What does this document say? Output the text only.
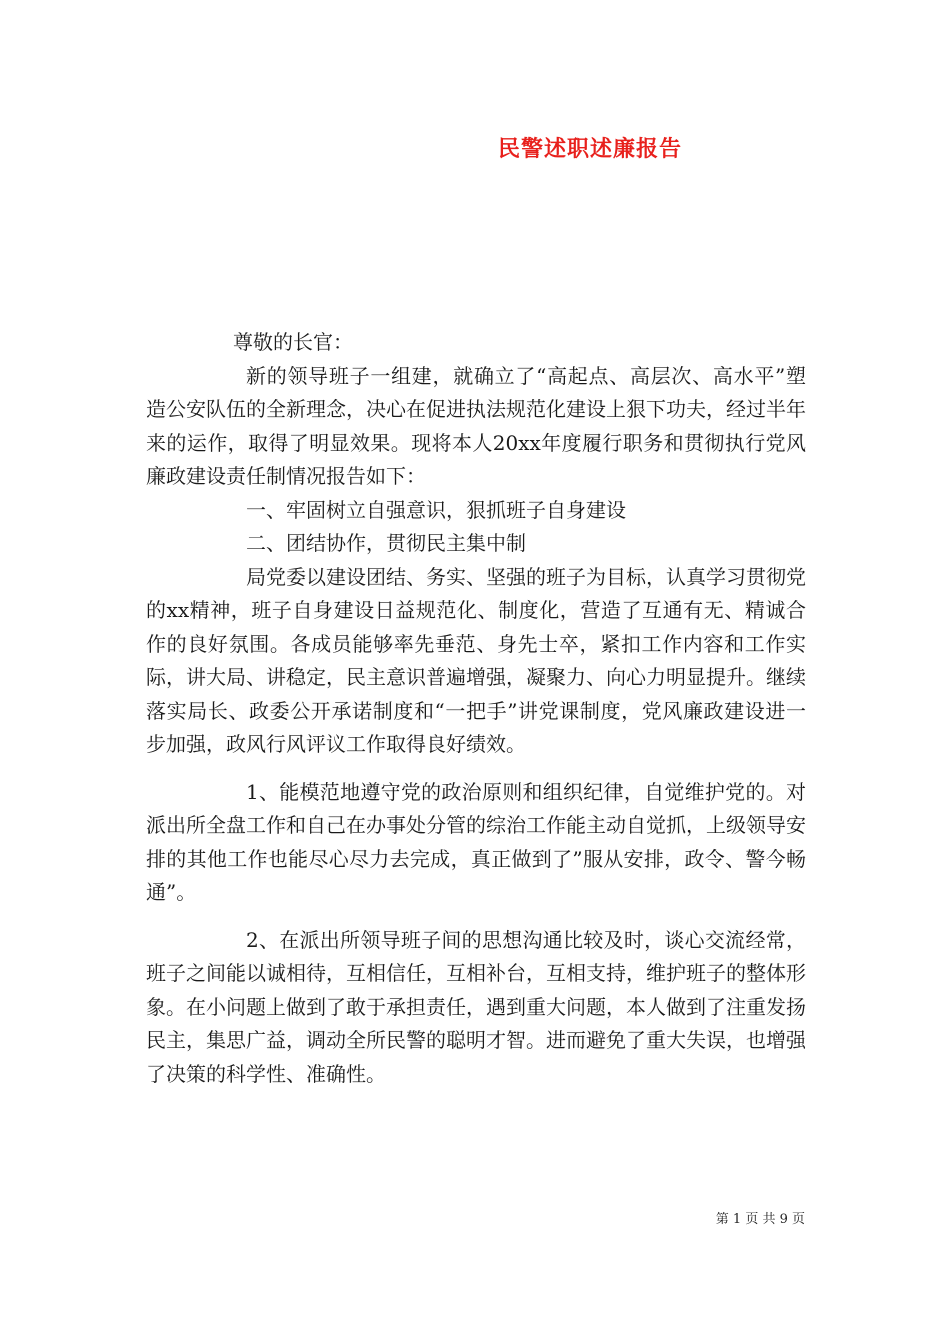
民警述职述廉报告

尊敬的长官：

新的领导班子一组建，就确立了“高起点、高层次、高水平”塑造公安队伍的全新理念，决心在促进执法规范化建设上狠下功夫，经过半年来的运作，取得了明显效果。现将本人20xx年度履行职务和贯彻执行党风廉政建设责任制情况报告如下：

一、牢固树立自强意识，狠抓班子自身建设

二、团结协作，贯彻民主集中制

局党委以建设团结、务实、坚强的班子为目标，认真学习贯彻党的xx精神，班子自身建设日益规范化、制度化，营造了互通有无、精诚合作的良好氛围。各成员能够率先垂范、身先士卒，紧扣工作内容和工作实际，讲大局、讲稳定，民主意识普遍增强，凝聚力、向心力明显提升。继续落实局长、政委公开承诺制度和“一把手”讲党课制度，党风廉政建设进一步加强，政风行风评议工作取得良好绩效。

1、能模范地遵守党的政治原则和组织纪律，自觉维护党的。对派出所全盘工作和自己在办事处分管的综治工作能主动自觉抓，上级领导安排的其他工作也能尽心尽力去完成，真正做到了”服从安排，政令、警今畅通”。

2、在派出所领导班子间的思想沟通比较及时，谈心交流经常，班子之间能以诚相待，互相信任，互相补台，互相支持，维护班子的整体形象。在小问题上做到了敢于承担责任，遇到重大问题，本人做到了注重发扬民主，集思广益，调动全所民警的聪明才智。进而避免了重大失误，也增强了决策的科学性、准确性。

第 1 页 共 9 页
